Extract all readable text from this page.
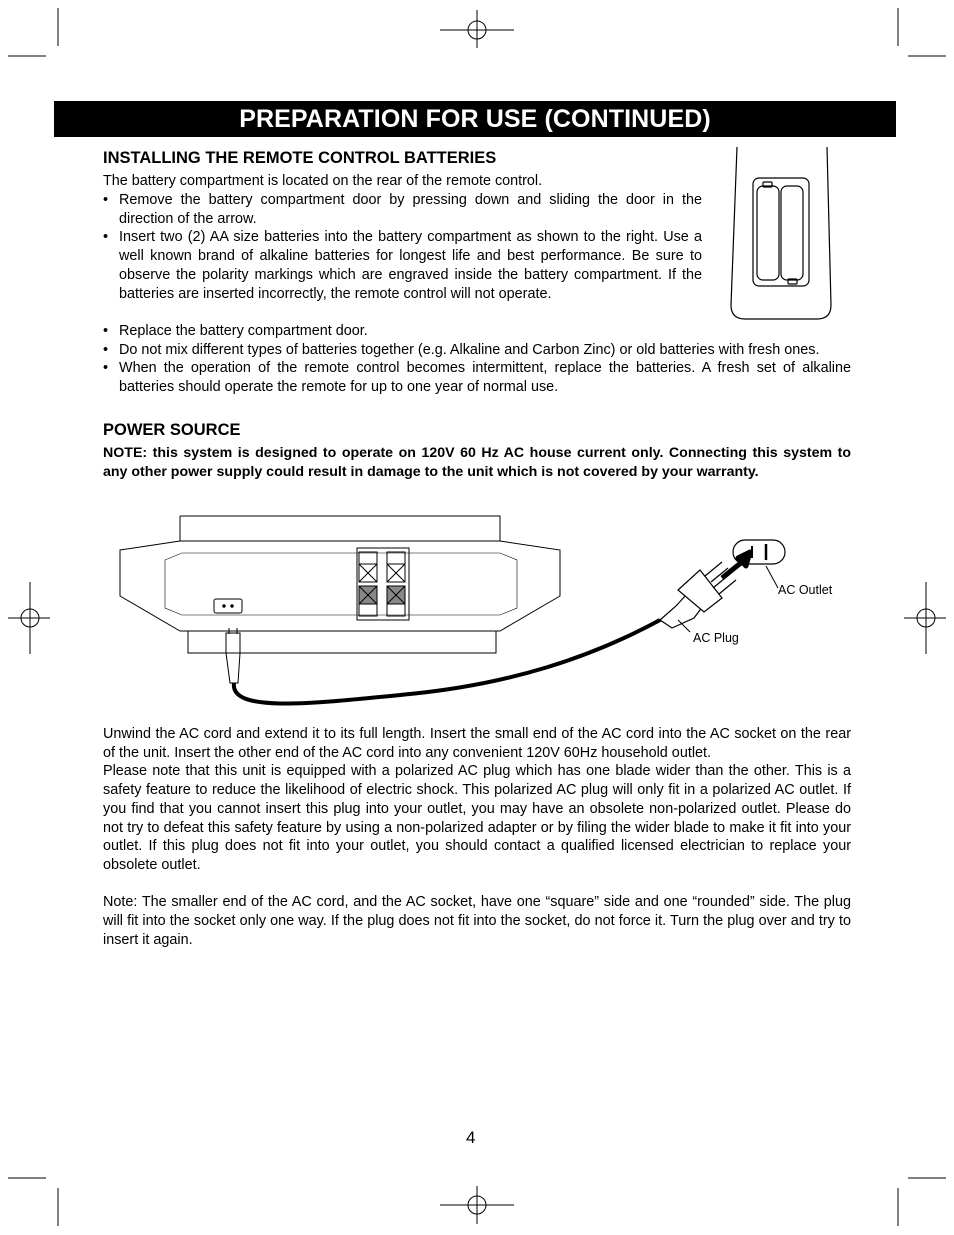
PREPARATION FOR USE (CONTINUED)
INSTALLING THE REMOTE CONTROL BATTERIES

The battery compartment is located on the rear of the remote control.

• Remove the battery compartment door by pressing down and sliding the door in the direction of the arrow.
• Insert two (2) AA size batteries into the battery compartment as shown to the right. Use a well known brand of alkaline batteries for longest life and best performance. Be sure to observe the polarity markings which are engraved inside the battery compartment. If the batteries are inserted incorrectly, the remote control will not operate.
• Replace the battery compartment door.
• Do not mix different types of batteries together (e.g. Alkaline and Carbon Zinc) or old batteries with fresh ones.
• When the operation of the remote control becomes intermittent, replace the batteries. A fresh set of alkaline batteries should operate the remote for up to one year of normal use.
POWER SOURCE

NOTE: this system is designed to operate on 120V 60 Hz AC house current only. Connecting this system to any other power supply could result in damage to the unit which is not covered by your warranty.

AC Outlet

AC Plug

Unwind the AC cord and extend it to its full length. Insert the small end of the AC cord into the AC socket on the rear of the unit. Insert the other end of the AC cord into any convenient 120V 60Hz household outlet.

Please note that this unit is equipped with a polarized AC plug which has one blade wider than the other. This is a safety feature to reduce the likelihood of electric shock. This polarized AC plug will only fit in a polarized AC outlet. If you find that you cannot insert this plug into your outlet, you may have an obsolete non-polarized outlet. Please do not try to defeat this safety feature by using a non-polarized adapter or by filing the wider blade to make it fit into your outlet. If this plug does not fit into your outlet, you should contact a qualified licensed electrician to replace your obsolete outlet.

Note: The smaller end of the AC cord, and the AC socket, have one “square” side and one “rounded” side. The plug will fit into the socket only one way. If the plug does not fit into the socket, do not force it. Turn the plug over and try to insert it again.

4
